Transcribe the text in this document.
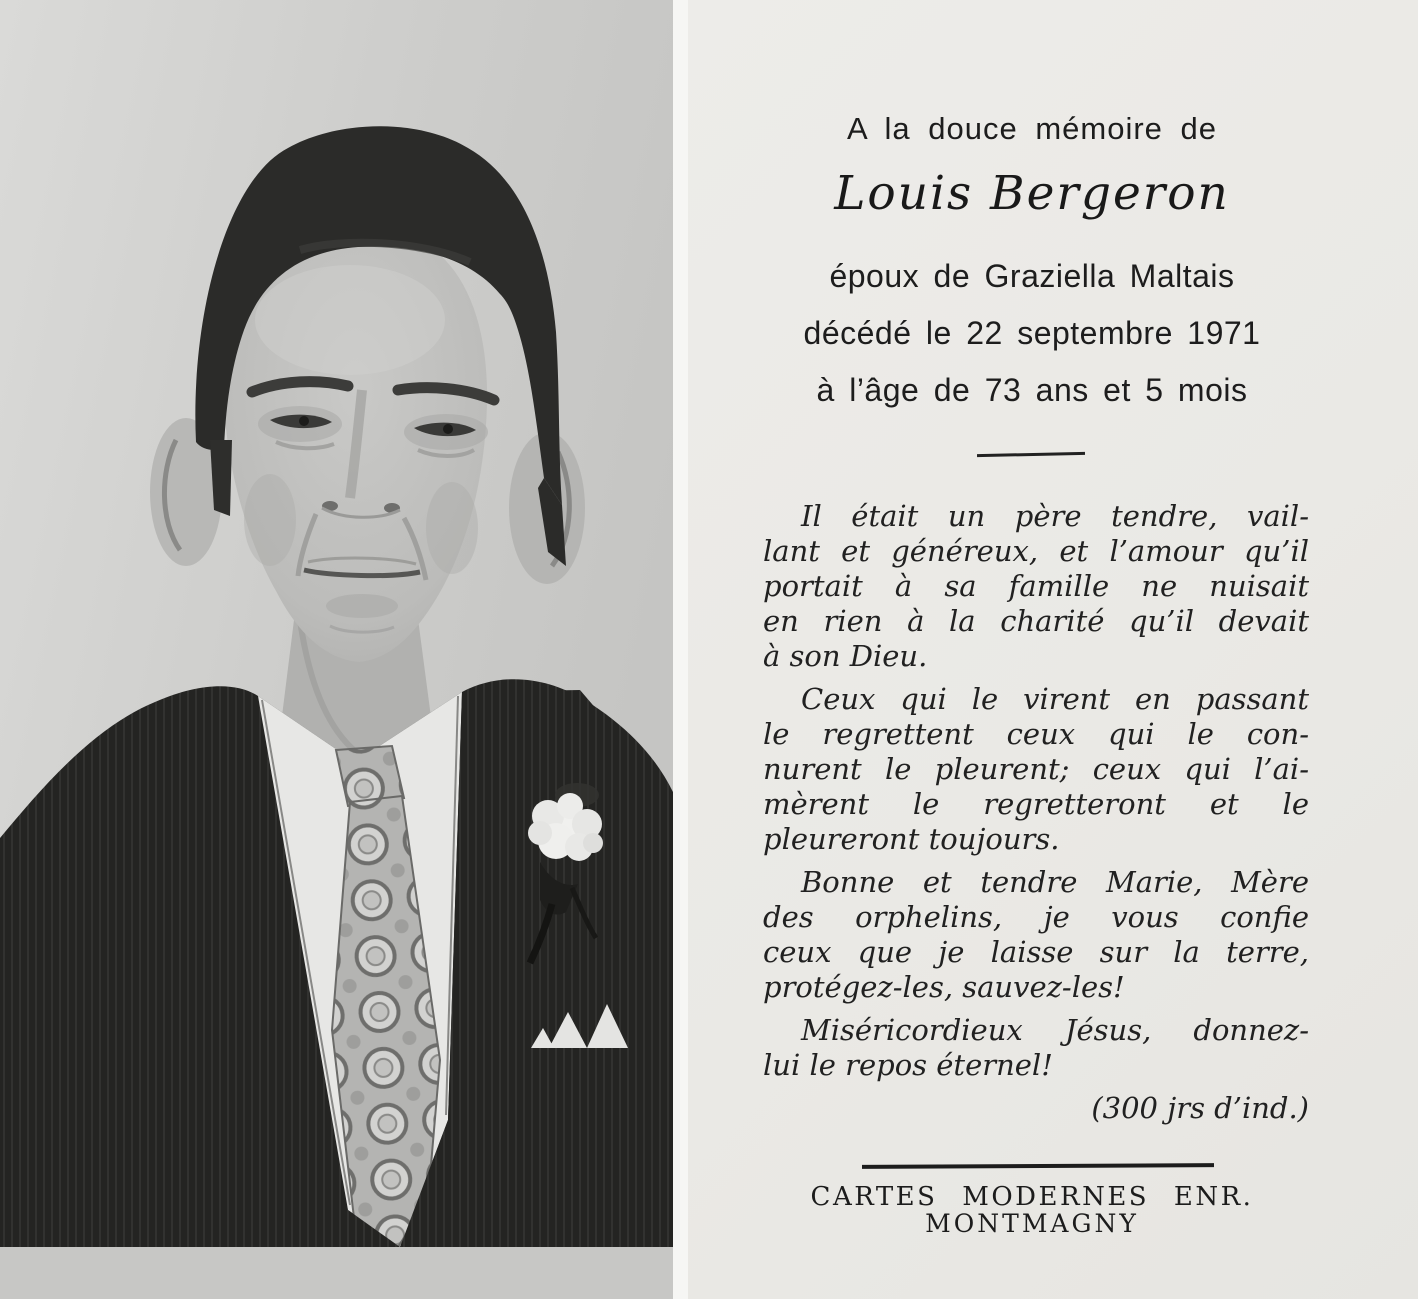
A la douce mémoire de
Louis Bergeron
époux de Graziella Maltais
décédé le 22 septembre 1971
à l’âge de 73 ans et 5 mois
Il était un père tendre, vail-
lant et généreux, et l’amour qu’il
portait à sa famille ne nuisait
en rien à la charité qu’il devait
à son Dieu.
Ceux qui le virent en passant
le regrettent ceux qui le con-
nurent le pleurent; ceux qui l’ai-
mèrent le regretteront et le
pleureront toujours.
Bonne et tendre Marie, Mère
des orphelins, je vous confie
ceux que je laisse sur la terre,
protégez-les, sauvez-les!
Miséricordieux Jésus, donnez-
lui le repos éternel!
(300 jrs d’ind.)
CARTES MODERNES ENR.
MONTMAGNY
